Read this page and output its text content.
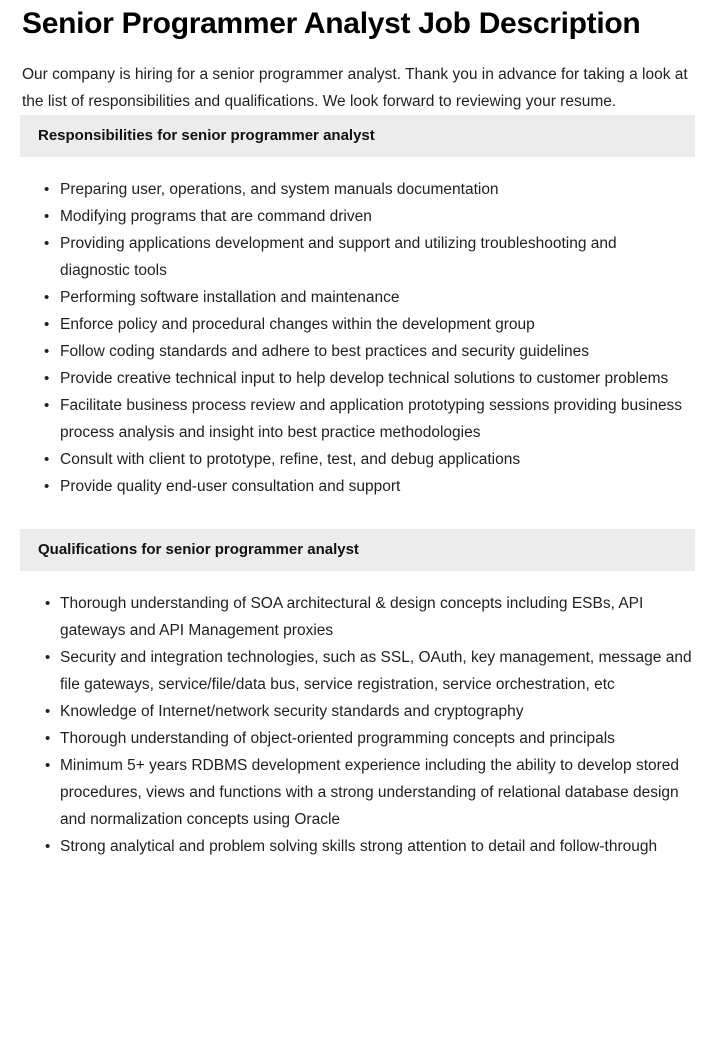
Senior Programmer Analyst Job Description

Our company is hiring for a senior programmer analyst. Thank you in advance for taking a look at the list of responsibilities and qualifications. We look forward to reviewing your resume.

Responsibilities for senior programmer analyst
• Preparing user, operations, and system manuals documentation
• Modifying programs that are command driven
• Providing applications development and support and utilizing troubleshooting and diagnostic tools
• Performing software installation and maintenance
• Enforce policy and procedural changes within the development group
• Follow coding standards and adhere to best practices and security guidelines
• Provide creative technical input to help develop technical solutions to customer problems
• Facilitate business process review and application prototyping sessions providing business process analysis and insight into best practice methodologies
• Consult with client to prototype, refine, test, and debug applications
• Provide quality end-user consultation and support
Qualifications for senior programmer analyst
• Thorough understanding of SOA architectural & design concepts including ESBs, API gateways and API Management proxies
• Security and integration technologies, such as SSL, OAuth, key management, message and file gateways, service/file/data bus, service registration, service orchestration, etc
• Knowledge of Internet/network security standards and cryptography
• Thorough understanding of object-oriented programming concepts and principals
• Minimum 5+ years RDBMS development experience including the ability to develop stored procedures, views and functions with a strong understanding of relational database design and normalization concepts using Oracle
• Strong analytical and problem solving skills strong attention to detail and follow-through
